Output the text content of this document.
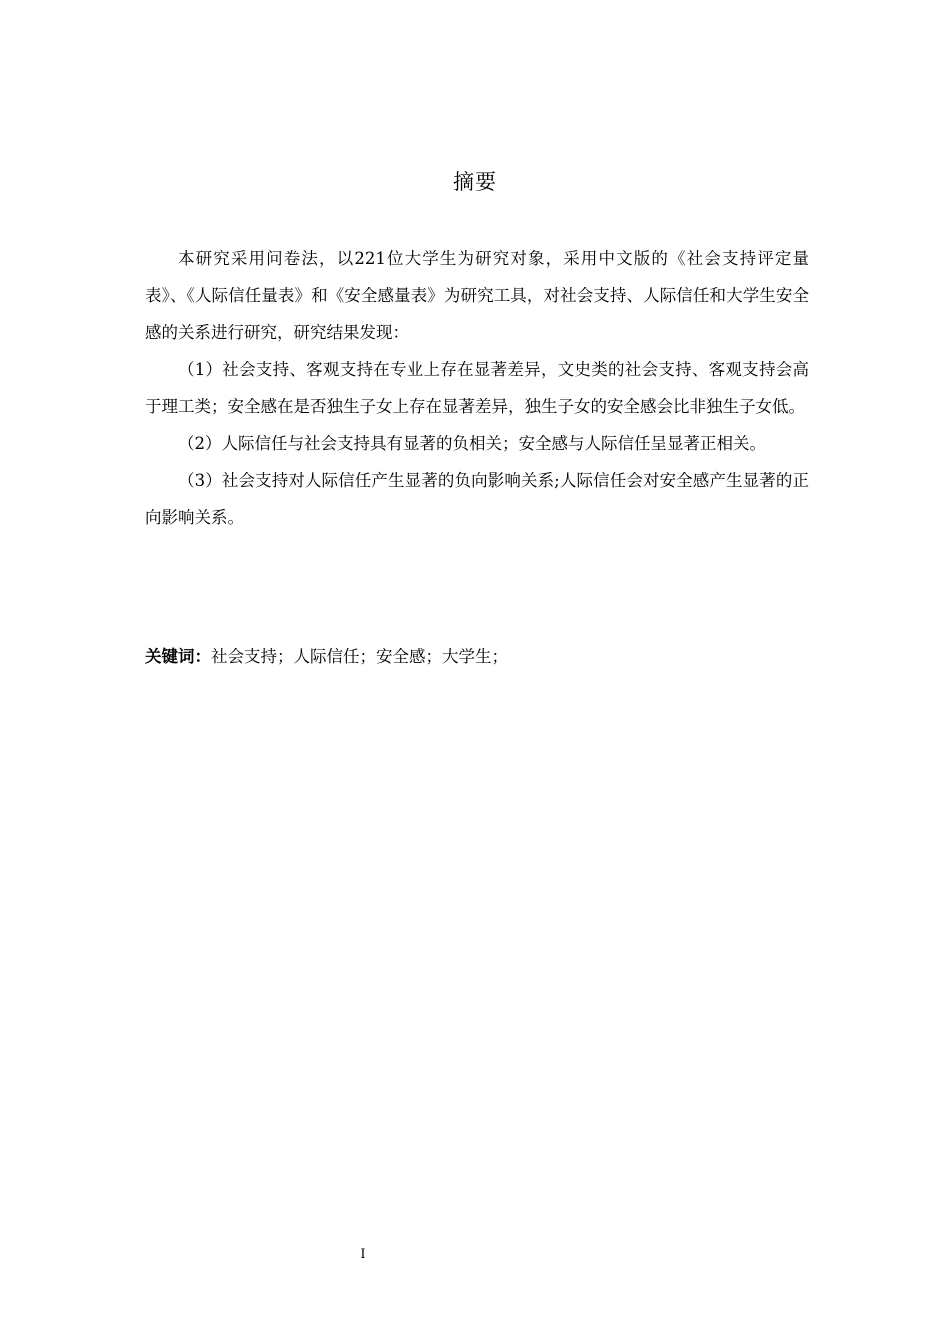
摘要

本研究采用问卷法，以221位大学生为研究对象，采用中文版的《社会支持评定量表》、《人际信任量表》和《安全感量表》为研究工具，对社会支持、人际信任和大学生安全感的关系进行研究，研究结果发现：

（1）社会支持、客观支持在专业上存在显著差异，文史类的社会支持、客观支持会高于理工类；安全感在是否独生子女上存在显著差异，独生子女的安全感会比非独生子女低。

（2）人际信任与社会支持具有显著的负相关；安全感与人际信任呈显著正相关。

（3）社会支持对人际信任产生显著的负向影响关系;人际信任会对安全感产生显著的正向影响关系。

关键词：社会支持；人际信任；安全感；大学生；
I
